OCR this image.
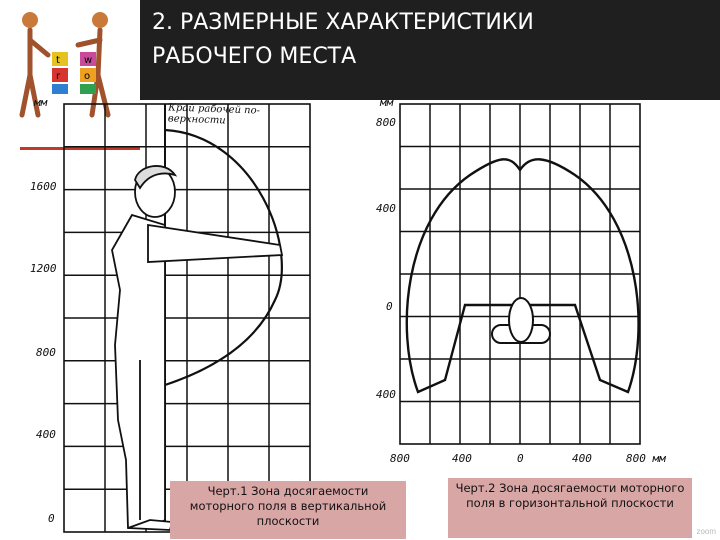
t w
r o
2. РАЗМЕРНЫЕ ХАРАКТЕРИСТИКИ
РАБОЧЕГО МЕСТА
мм
1600
1200
800
400
0
Край рабочей по-
верхности
мм
800
400
0
400
800	400	0	400	800 мм
Черт.1 Зона досягаемости моторного поля в вертикальной плоскости
Черт.2 Зона досягаемости моторного поля в горизонтальной плоскости
zoom
